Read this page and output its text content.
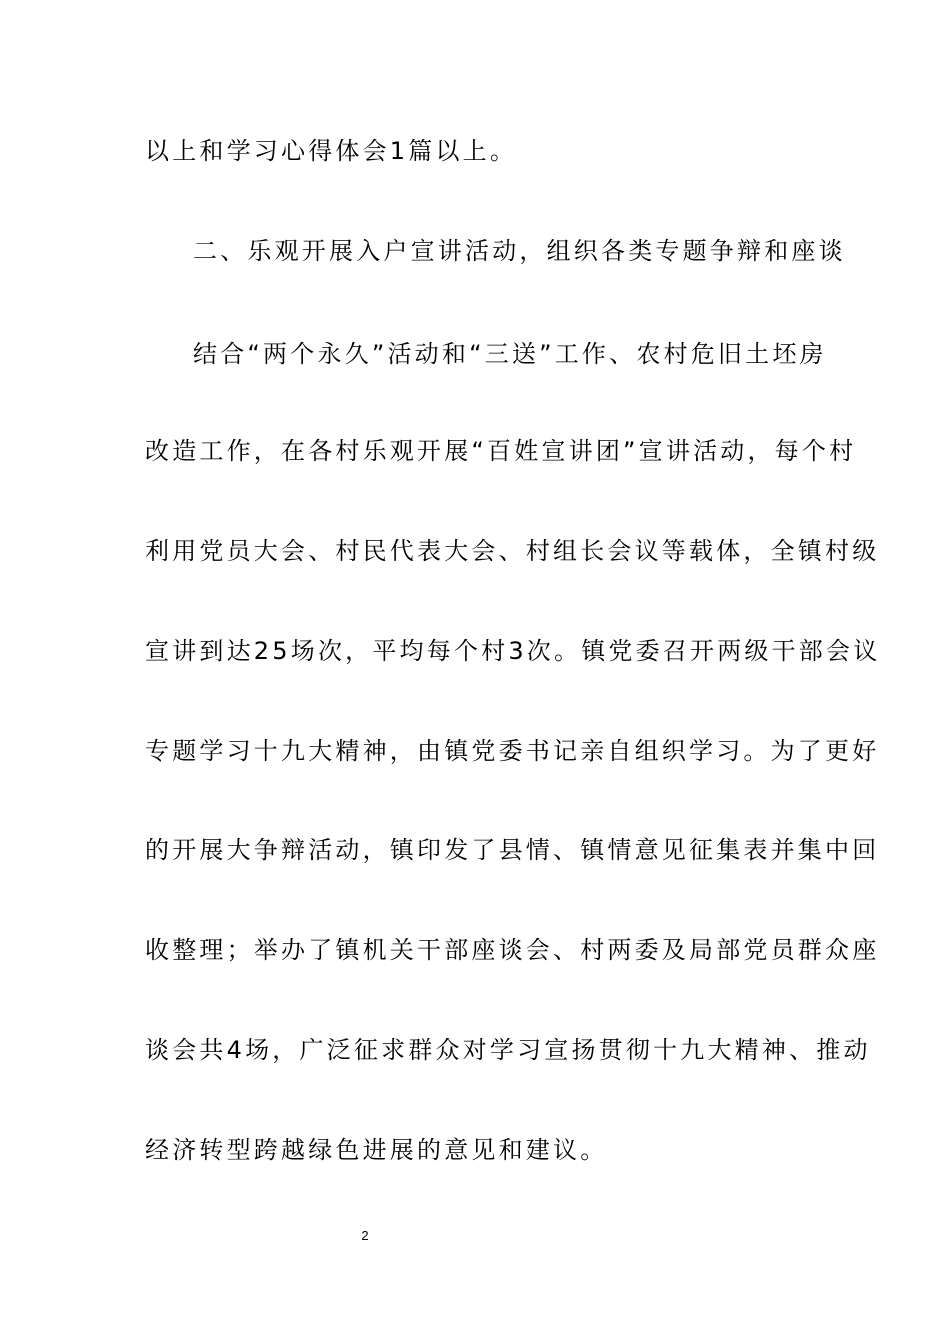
以上和学习心得体会1篇以上。

二、乐观开展入户宣讲活动，组织各类专题争辩和座谈

结合“两个永久”活动和“三送”工作、农村危旧土坯房

改造工作，在各村乐观开展“百姓宣讲团”宣讲活动，每个村

利用党员大会、村民代表大会、村组长会议等载体，全镇村级

宣讲到达25场次，平均每个村3次。镇党委召开两级干部会议

专题学习十九大精神，由镇党委书记亲自组织学习。为了更好

的开展大争辩活动，镇印发了县情、镇情意见征集表并集中回

收整理；举办了镇机关干部座谈会、村两委及局部党员群众座

谈会共4场，广泛征求群众对学习宣扬贯彻十九大精神、推动

经济转型跨越绿色进展的意见和建议。

2
